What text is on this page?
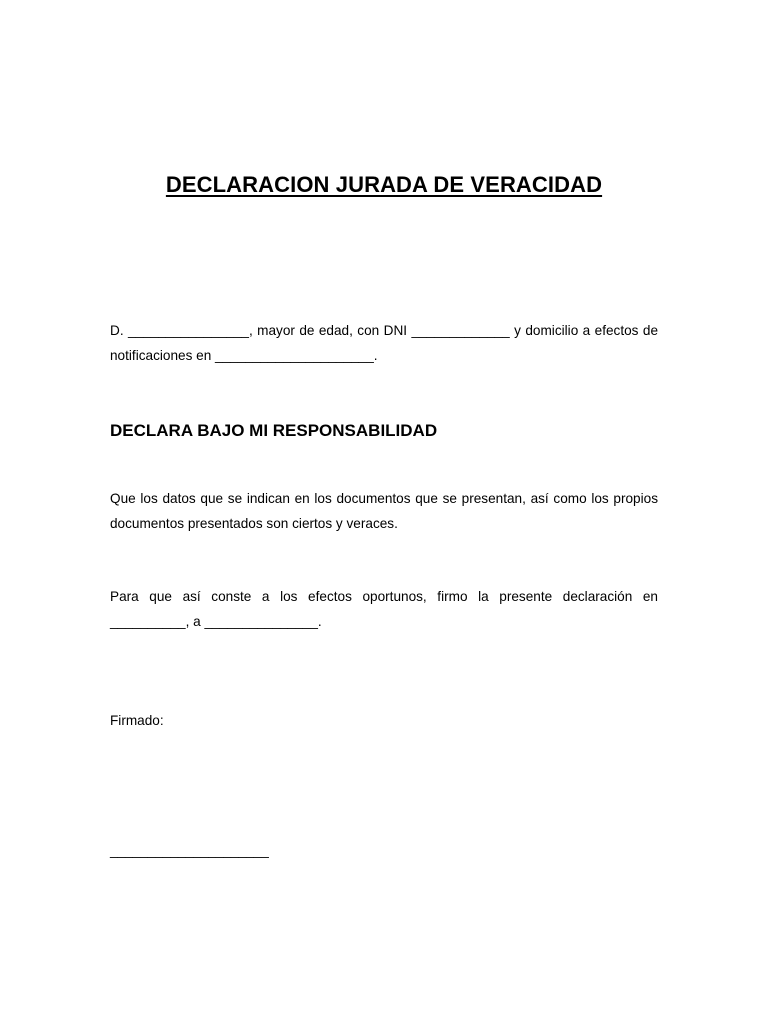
DECLARACION JURADA DE VERACIDAD

D. ________________, mayor de edad, con DNI _____________ y domicilio a efectos de notificaciones en _____________________.

DECLARA BAJO MI RESPONSABILIDAD

Que los datos que se indican en los documentos que se presentan, así como los propios documentos presentados son ciertos y veraces.

Para que así conste a los efectos oportunos, firmo la presente declaración en __________, a _______________.

Firmado:

_____________________
